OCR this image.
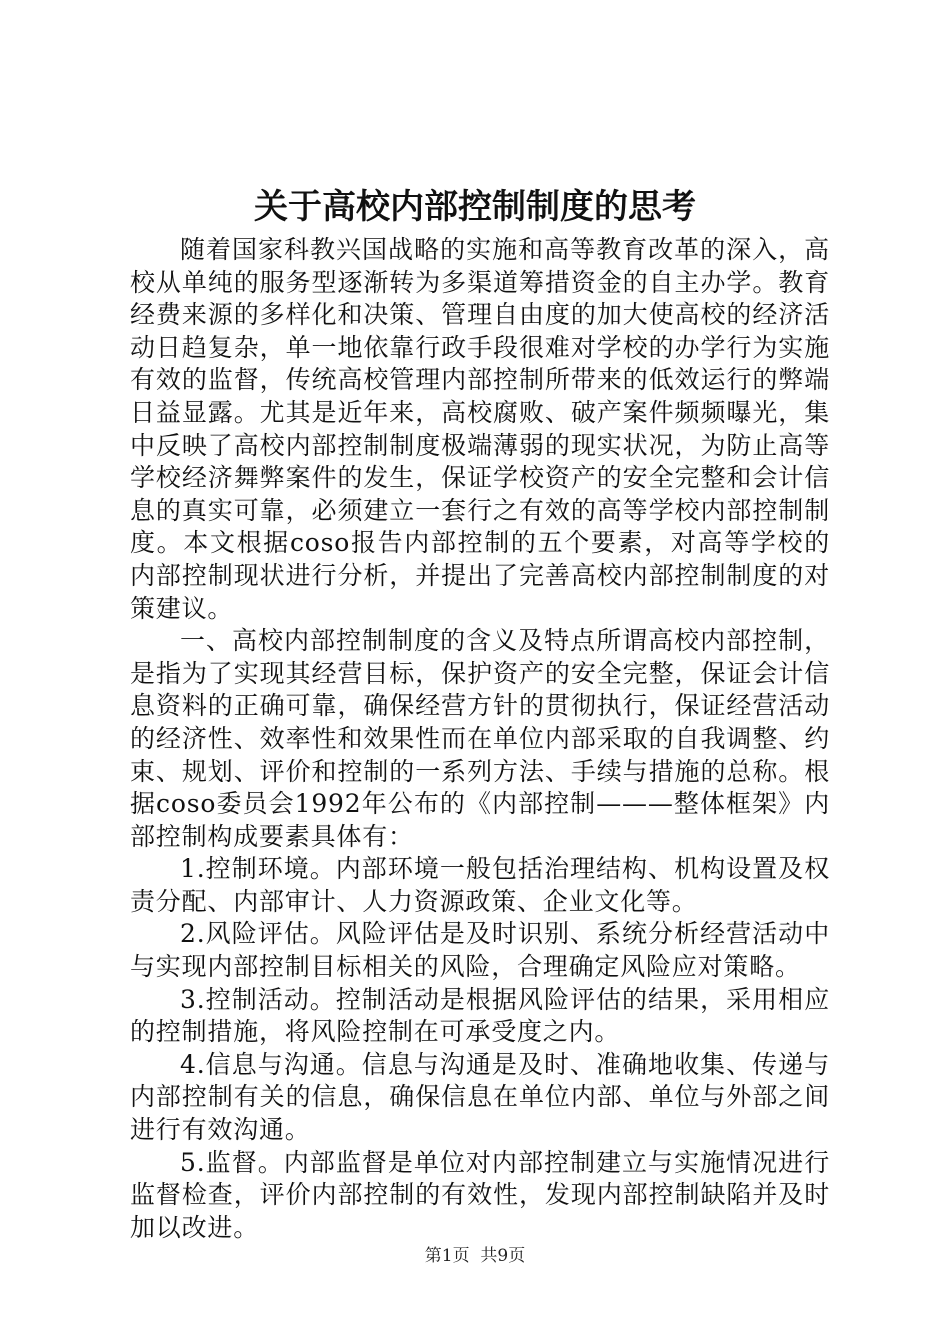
关于高校内部控制制度的思考

随着国家科教兴国战略的实施和高等教育改革的深入，高校从单纯的服务型逐渐转为多渠道筹措资金的自主办学。教育经费来源的多样化和决策、管理自由度的加大使高校的经济活动日趋复杂，单一地依靠行政手段很难对学校的办学行为实施有效的监督，传统高校管理内部控制所带来的低效运行的弊端日益显露。尤其是近年来，高校腐败、破产案件频频曝光，集中反映了高校内部控制制度极端薄弱的现实状况，为防止高等学校经济舞弊案件的发生，保证学校资产的安全完整和会计信息的真实可靠，必须建立一套行之有效的高等学校内部控制制度。本文根据coso报告内部控制的五个要素，对高等学校的内部控制现状进行分析，并提出了完善高校内部控制制度的对策建议。

一、高校内部控制制度的含义及特点所谓高校内部控制，是指为了实现其经营目标，保护资产的安全完整，保证会计信息资料的正确可靠，确保经营方针的贯彻执行，保证经营活动的经济性、效率性和效果性而在单位内部采取的自我调整、约束、规划、评价和控制的一系列方法、手续与措施的总称。根据coso委员会1992年公布的《内部控制———整体框架》内部控制构成要素具体有：

1.控制环境。内部环境一般包括治理结构、机构设置及权责分配、内部审计、人力资源政策、企业文化等。

2.风险评估。风险评估是及时识别、系统分析经营活动中与实现内部控制目标相关的风险，合理确定风险应对策略。

3.控制活动。控制活动是根据风险评估的结果，采用相应的控制措施，将风险控制在可承受度之内。

4.信息与沟通。信息与沟通是及时、准确地收集、传递与内部控制有关的信息，确保信息在单位内部、单位与外部之间进行有效沟通。

5.监督。内部监督是单位对内部控制建立与实施情况进行监督检查，评价内部控制的有效性，发现内部控制缺陷并及时加以改进。

第1页  共9页
